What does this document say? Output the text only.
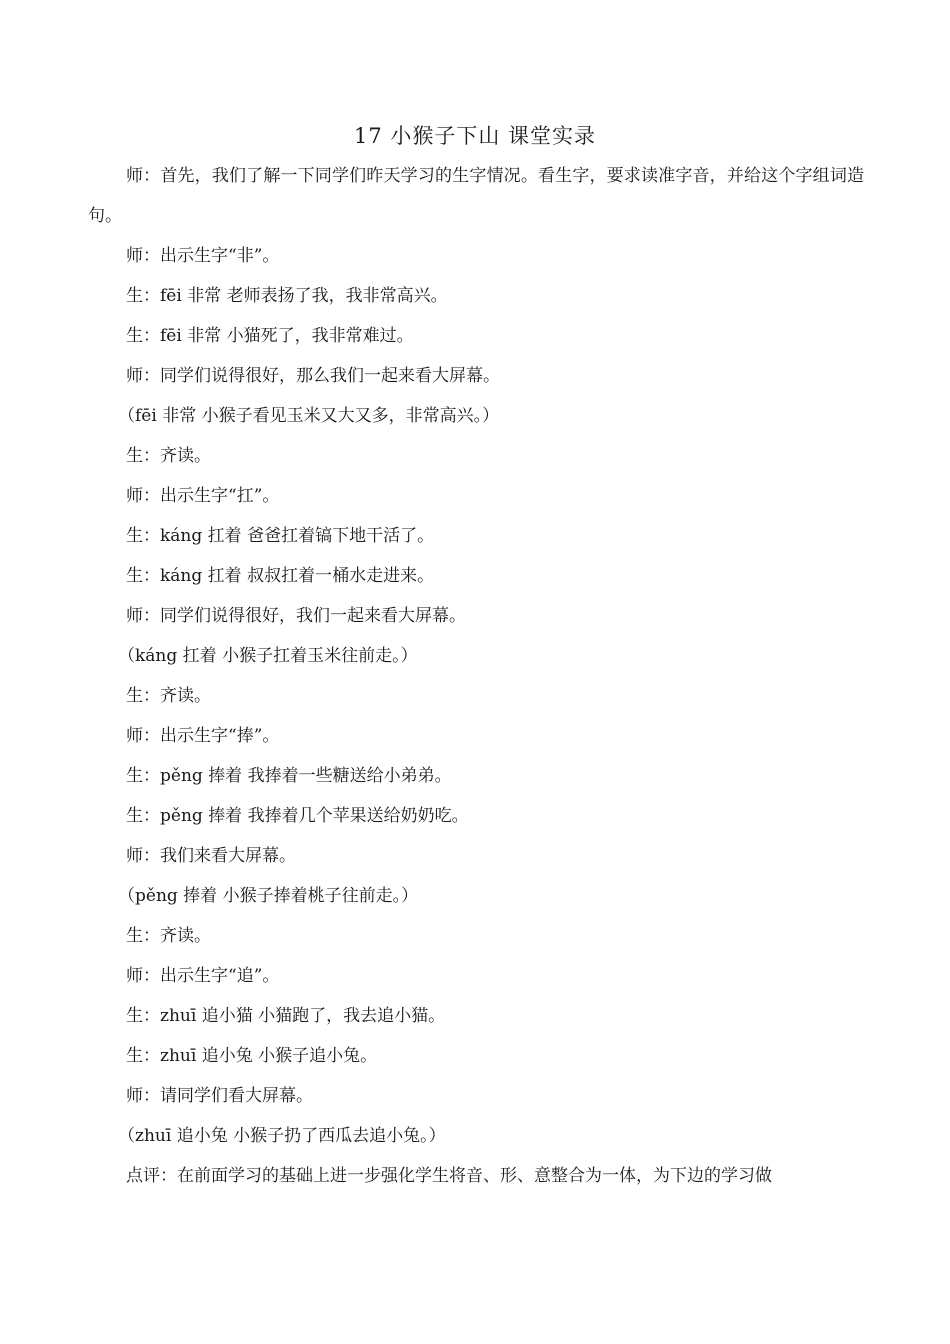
17 小猴子下山 课堂实录

师：首先，我们了解一下同学们昨天学习的生字情况。看生字，要求读准字音，并给这个字组词造句。

师：出示生字“非”。

生：fēi 非常 老师表扬了我，我非常高兴。

生：fēi 非常 小猫死了，我非常难过。

师：同学们说得很好，那么我们一起来看大屏幕。

（fēi 非常 小猴子看见玉米又大又多，非常高兴。）

生：齐读。

师：出示生字“扛”。

生：káng 扛着 爸爸扛着镐下地干活了。

生：káng 扛着 叔叔扛着一桶水走进来。

师：同学们说得很好，我们一起来看大屏幕。

（káng 扛着 小猴子扛着玉米往前走。）

生：齐读。

师：出示生字“捧”。

生：pěng 捧着 我捧着一些糖送给小弟弟。

生：pěng 捧着 我捧着几个苹果送给奶奶吃。

师：我们来看大屏幕。

（pěng 捧着 小猴子捧着桃子往前走。）

生：齐读。

师：出示生字“追”。

生：zhuī 追小猫 小猫跑了，我去追小猫。

生：zhuī 追小兔 小猴子追小兔。

师：请同学们看大屏幕。

（zhuī 追小兔 小猴子扔了西瓜去追小兔。）

点评：在前面学习的基础上进一步强化学生将音、形、意整合为一体，为下边的学习做
